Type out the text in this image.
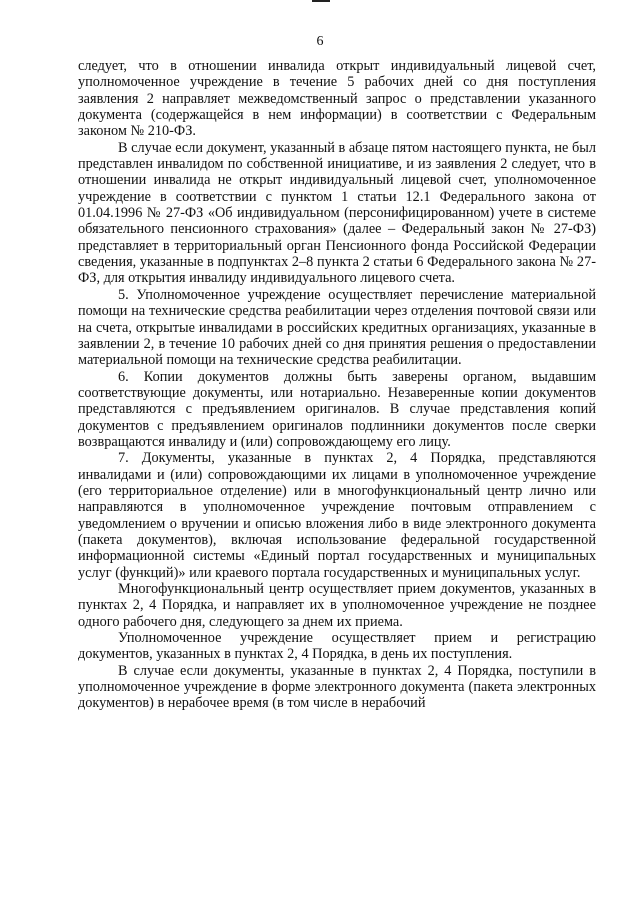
6

следует, что в отношении инвалида открыт индивидуальный лицевой счет, уполномоченное учреждение в течение 5 рабочих дней со дня поступления заявления 2 направляет межведомственный запрос о представлении указанного документа (содержащейся в нем информации) в соответствии с Федеральным законом № 210-ФЗ.

В случае если документ, указанный в абзаце пятом настоящего пункта, не был представлен инвалидом по собственной инициативе, и из заявления 2 следует, что в отношении инвалида не открыт индивидуальный лицевой счет, уполномоченное учреждение в соответствии с пунктом 1 статьи 12.1 Федерального закона от 01.04.1996 № 27-ФЗ «Об индивидуальном (персонифицированном) учете в системе обязательного пенсионного страхования» (далее – Федеральный закон № 27-ФЗ) представляет в территориальный орган Пенсионного фонда Российской Федерации сведения, указанные в подпунктах 2–8 пункта 2 статьи 6 Федерального закона № 27-ФЗ, для открытия инвалиду индивидуального лицевого счета.

5. Уполномоченное учреждение осуществляет перечисление материальной помощи на технические средства реабилитации через отделения почтовой связи или на счета, открытые инвалидами в российских кредитных организациях, указанные в заявлении 2, в течение 10 рабочих дней со дня принятия решения о предоставлении материальной помощи на технические средства реабилитации.

6. Копии документов должны быть заверены органом, выдавшим соответствующие документы, или нотариально. Незаверенные копии документов представляются с предъявлением оригиналов. В случае представления копий документов с предъявлением оригиналов подлинники документов после сверки возвращаются инвалиду и (или) сопровождающему его лицу.

7. Документы, указанные в пунктах 2, 4 Порядка, представляются инвалидами и (или) сопровождающими их лицами в уполномоченное учреждение (его территориальное отделение) или в многофункциональный центр лично или направляются в уполномоченное учреждение почтовым отправлением с уведомлением о вручении и описью вложения либо в виде электронного документа (пакета документов), включая использование федеральной государственной информационной системы «Единый портал государственных и муниципальных услуг (функций)» или краевого портала государственных и муниципальных услуг.

Многофункциональный центр осуществляет прием документов, указанных в пунктах 2, 4 Порядка, и направляет их в уполномоченное учреждение не позднее одного рабочего дня, следующего за днем их приема.

Уполномоченное учреждение осуществляет прием и регистрацию документов, указанных в пунктах 2, 4 Порядка, в день их поступления.

В случае если документы, указанные в пунктах 2, 4 Порядка, поступили в уполномоченное учреждение в форме электронного документа (пакета электронных документов) в нерабочее время (в том числе в нерабочий
